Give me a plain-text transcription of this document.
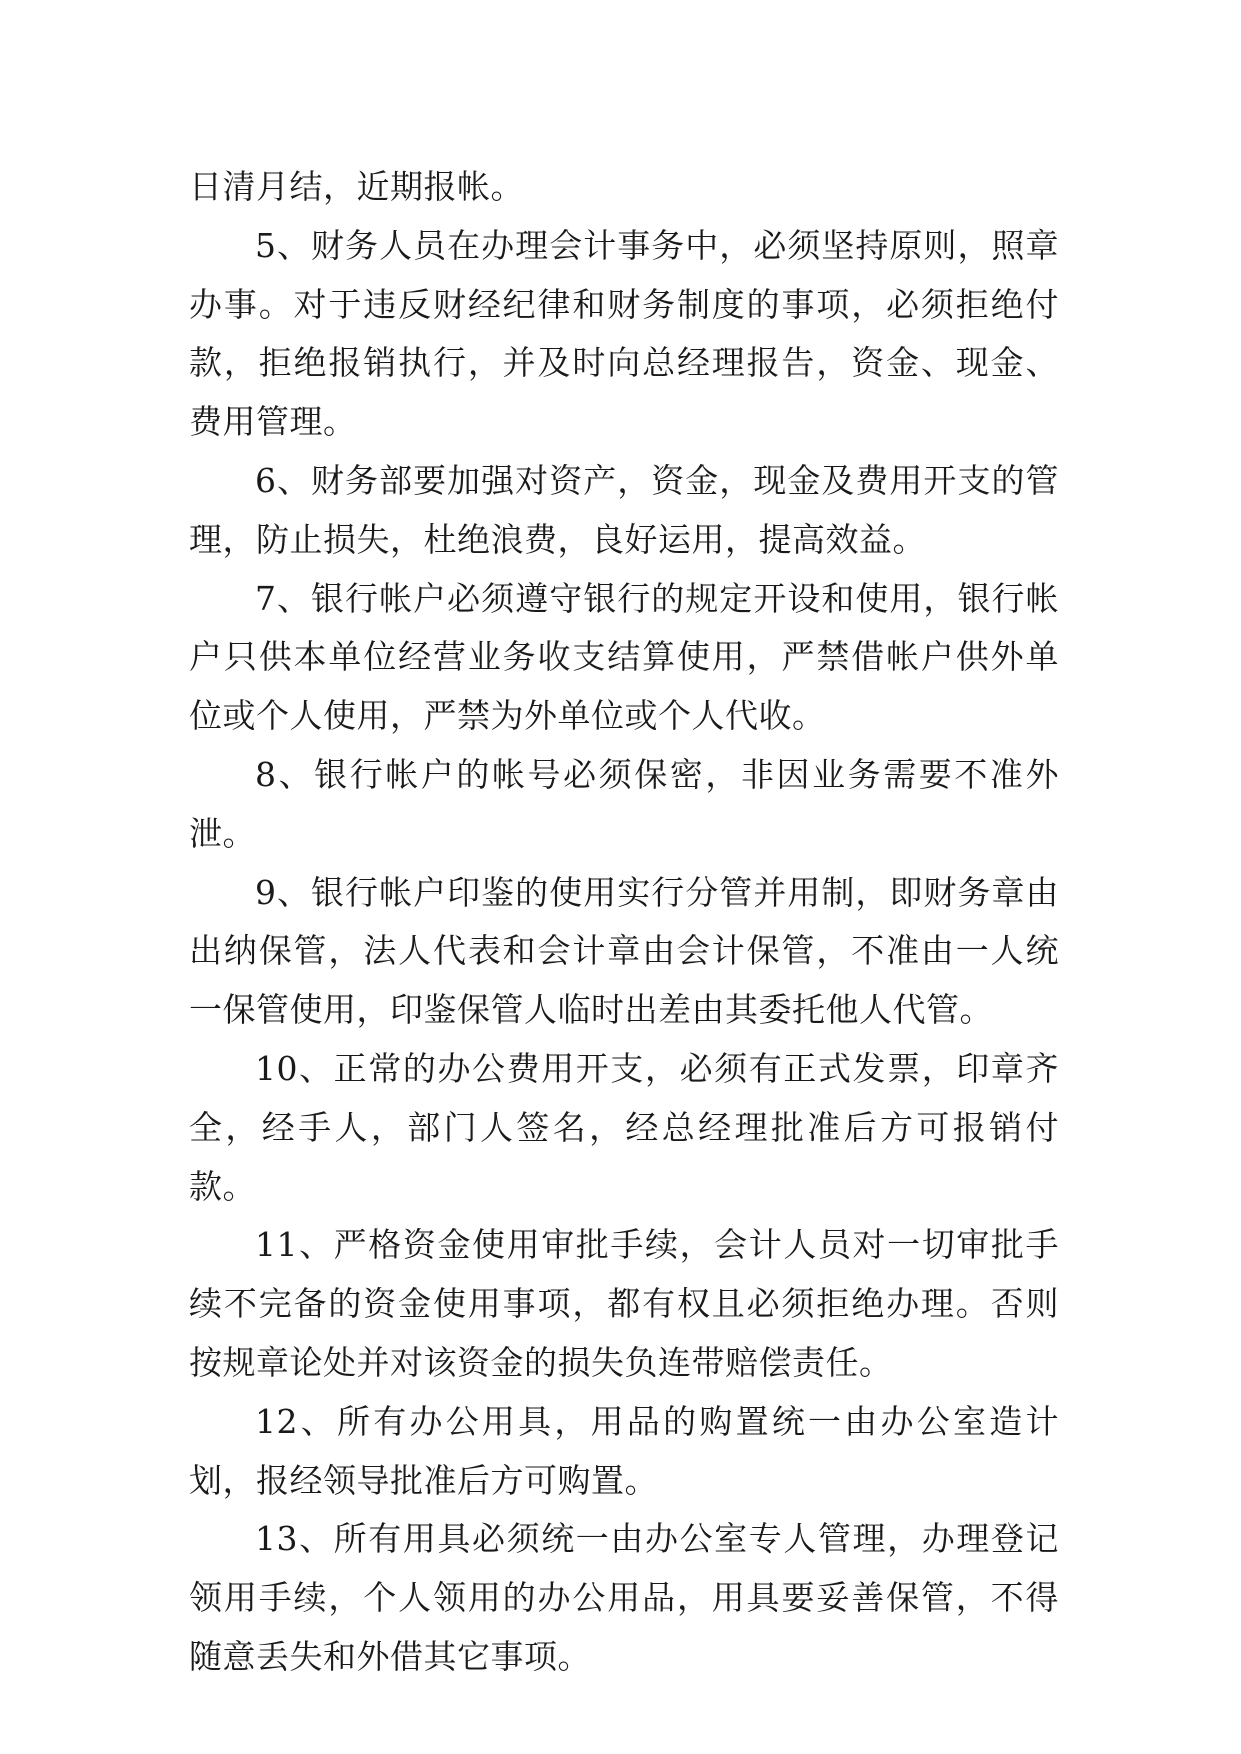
日清月结，近期报帐。

5、财务人员在办理会计事务中，必须坚持原则，照章办事。对于违反财经纪律和财务制度的事项，必须拒绝付款，拒绝报销执行，并及时向总经理报告，资金、现金、费用管理。

6、财务部要加强对资产，资金，现金及费用开支的管理，防止损失，杜绝浪费，良好运用，提高效益。

7、银行帐户必须遵守银行的规定开设和使用，银行帐户只供本单位经营业务收支结算使用，严禁借帐户供外单位或个人使用，严禁为外单位或个人代收。

8、银行帐户的帐号必须保密，非因业务需要不准外泄。

9、银行帐户印鉴的使用实行分管并用制，即财务章由出纳保管，法人代表和会计章由会计保管，不准由一人统一保管使用，印鉴保管人临时出差由其委托他人代管。

10、正常的办公费用开支，必须有正式发票，印章齐全，经手人，部门人签名，经总经理批准后方可报销付款。

11、严格资金使用审批手续，会计人员对一切审批手续不完备的资金使用事项，都有权且必须拒绝办理。否则按规章论处并对该资金的损失负连带赔偿责任。

12、所有办公用具，用品的购置统一由办公室造计划，报经领导批准后方可购置。

13、所有用具必须统一由办公室专人管理，办理登记领用手续，个人领用的办公用品，用具要妥善保管，不得随意丢失和外借其它事项。
